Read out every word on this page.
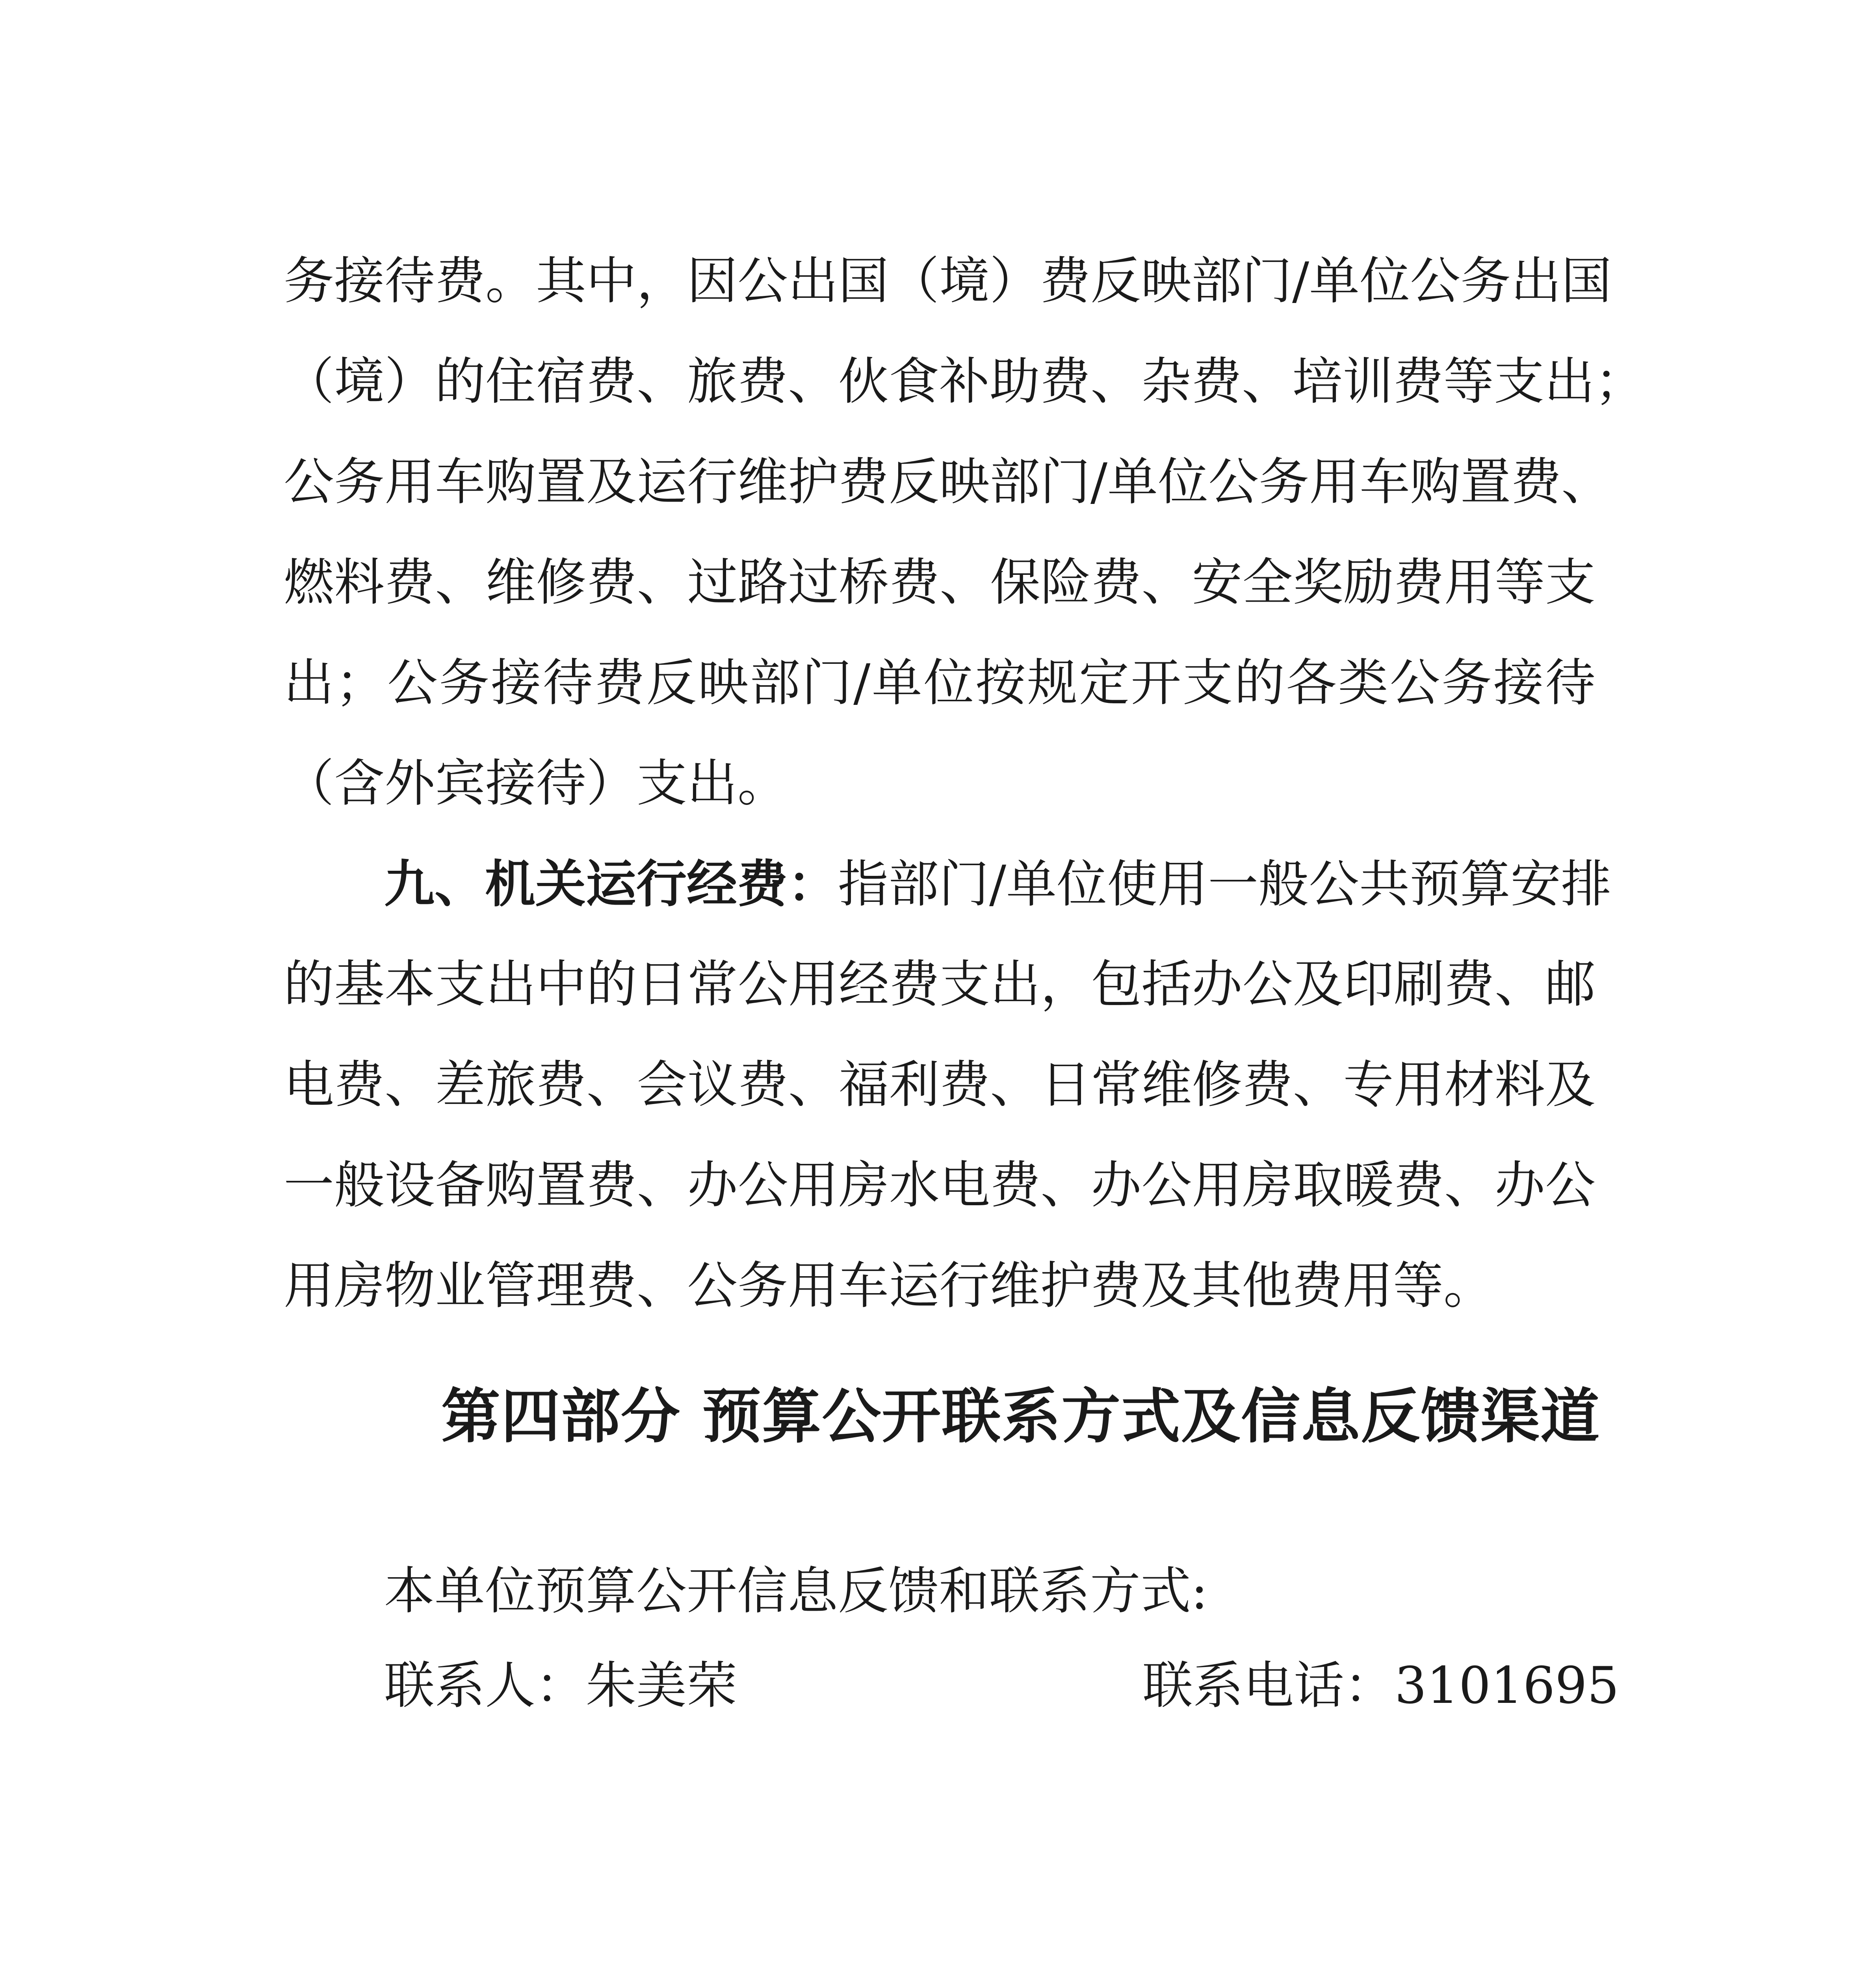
务接待费。其中，因公出国（境）费反映部门/单位公务出国
（境）的住宿费、旅费、伙食补助费、杂费、培训费等支出；
公务用车购置及运行维护费反映部门/单位公务用车购置费、
燃料费、维修费、过路过桥费、保险费、安全奖励费用等支
出；公务接待费反映部门/单位按规定开支的各类公务接待
（含外宾接待）支出。
九、机关运行经费：指部门/单位使用一般公共预算安排
的基本支出中的日常公用经费支出，包括办公及印刷费、邮
电费、差旅费、会议费、福利费、日常维修费、专用材料及
一般设备购置费、办公用房水电费、办公用房取暖费、办公
用房物业管理费、公务用车运行维护费及其他费用等。
第四部分 预算公开联系方式及信息反馈渠道
本单位预算公开信息反馈和联系方式:
联系人：朱美荣	联系电话：3101695
